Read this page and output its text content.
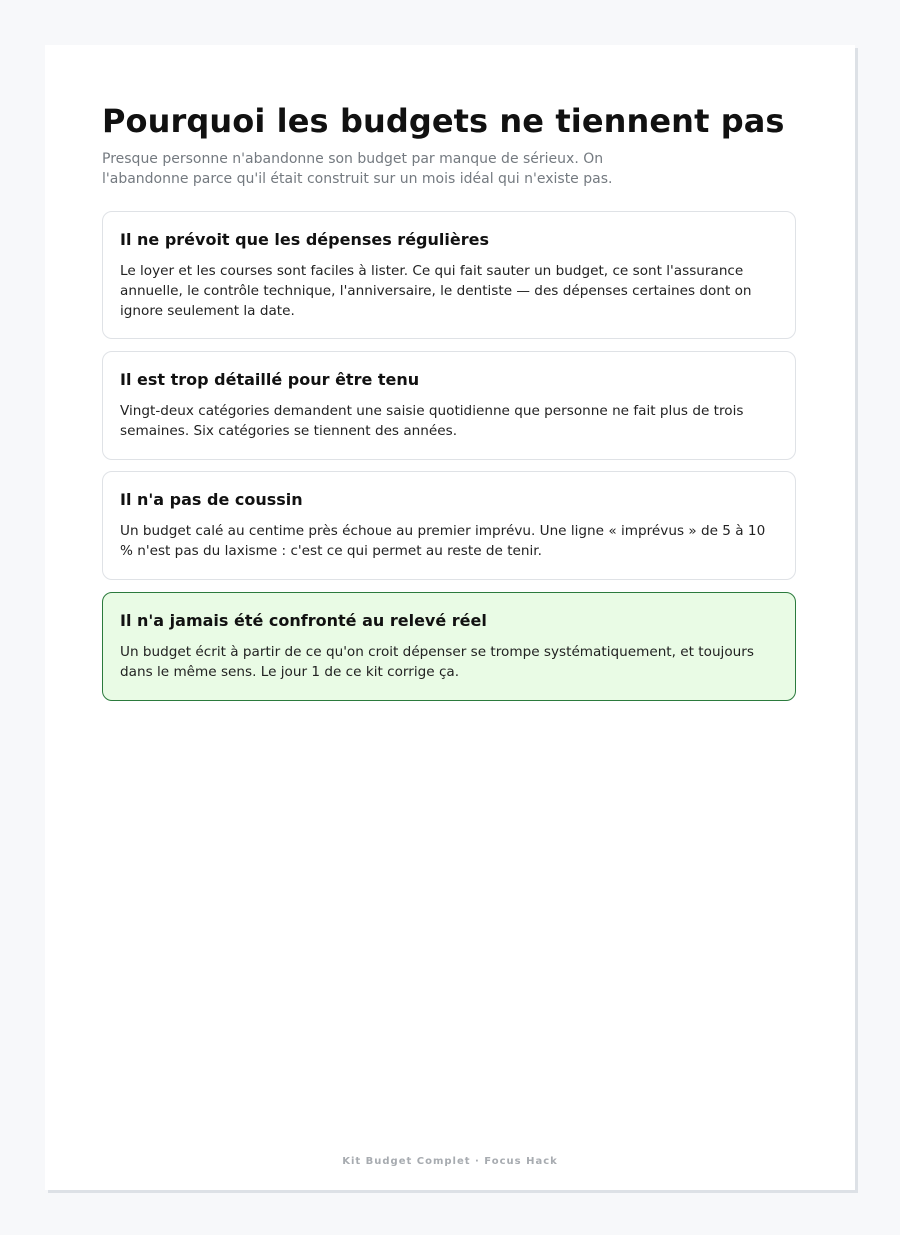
Pourquoi les budgets ne tiennent pas

Presque personne n'abandonne son budget par manque de sérieux. On l'abandonne parce qu'il était construit sur un mois idéal qui n'existe pas.

Il ne prévoit que les dépenses régulières

Le loyer et les courses sont faciles à lister. Ce qui fait sauter un budget, ce sont l'assurance annuelle, le contrôle technique, l'anniversaire, le dentiste — des dépenses certaines dont on ignore seulement la date.

Il est trop détaillé pour être tenu

Vingt-deux catégories demandent une saisie quotidienne que personne ne fait plus de trois semaines. Six catégories se tiennent des années.

Il n'a pas de coussin

Un budget calé au centime près échoue au premier imprévu. Une ligne « imprévus » de 5 à 10 % n'est pas du laxisme : c'est ce qui permet au reste de tenir.

Il n'a jamais été confronté au relevé réel

Un budget écrit à partir de ce qu'on croit dépenser se trompe systématiquement, et toujours dans le même sens. Le jour 1 de ce kit corrige ça.

Kit Budget Complet · Focus Hack
